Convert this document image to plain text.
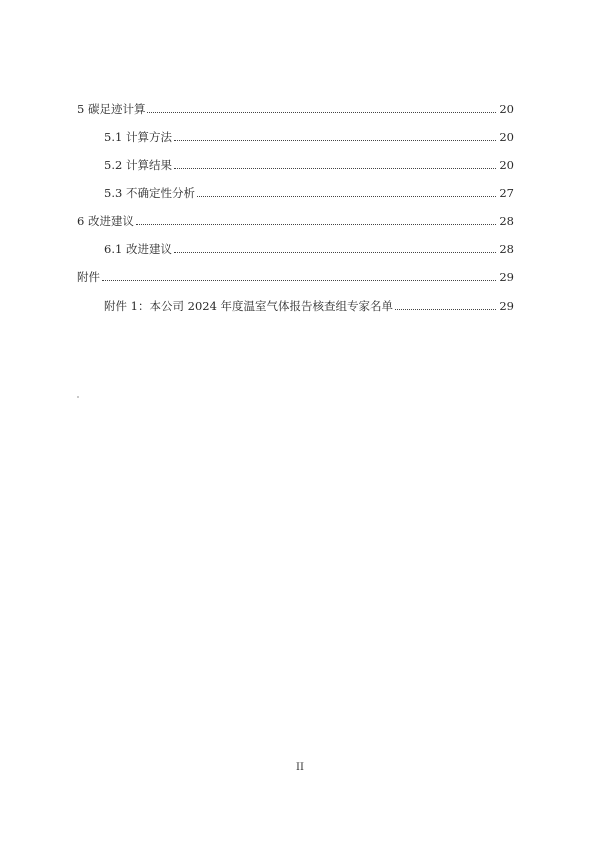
5 碳足迹计算	20
5.1 计算方法	20
5.2 计算结果	20
5.3 不确定性分析	27
6 改进建议	28
6.1 改进建议	28
附件	29
附件 1：本公司 2024 年度温室气体报告核查组专家名单	29
II
